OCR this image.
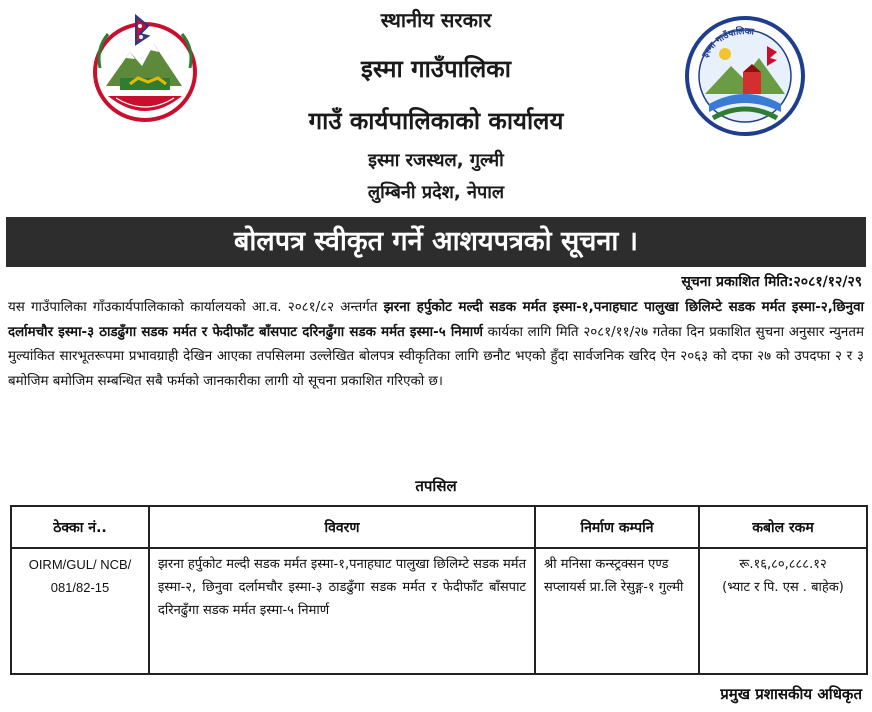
स्थानीय सरकार
इस्मा गाउँपालिका
गाउँ कार्यपालिकाको कार्यालय
इस्मा रजस्थल, गुल्मी
लुम्बिनी प्रदेश, नेपाल
इस्मा गाउँपालिका
बोलपत्र स्वीकृत गर्ने आशयपत्रको सूचना ।
सूचना प्रकाशित मिति:२०८१/१२/२९
यस गाउँपालिका गाँउकार्यपालिकाको कार्यालयको आ.व. २०८१/८२ अन्तर्गत झरना हर्पुकोट मल्दी सडक मर्मत इस्मा-१,पनाहघाट पालुखा छिलिम्टे सडक मर्मत इस्मा-२,छिनुवा दर्लामचौर इस्मा-३ ठाडढुँगा सडक मर्मत र फेदीफाँट बाँसपाट दरिनढुँगा सडक मर्मत इस्मा-५ निमार्ण कार्यका लागि मिति २०८१/११/२७ गतेका दिन प्रकाशित सुचना अनुसार न्युनतम मुल्यांकित सारभूतरूपमा प्रभावग्राही देखिन आएका तपसिलमा उल्लेखित बोलपत्र स्वीकृतिका लागि छनौट भएको हुँदा सार्वजनिक खरिद ऐन २०६३ को दफा २७ को उपदफा २ र ३ बमोजिम बमोजिम सम्बन्धित सबै फर्मको जानकारीका लागी यो सूचना प्रकाशित गरिएको छ।
तपसिल
ठेक्का नं..	विवरण	निर्माण कम्पनि	कबोल रकम
OIRM/GUL/ NCB/ 081/82-15	झरना हर्पुकोट मल्दी सडक मर्मत इस्मा-१,पनाहघाट पालुखा छिलिम्टे सडक मर्मत इस्मा-२, छिनुवा दर्लामचौर इस्मा-३ ठाडढुँगा सडक मर्मत र फेदीफाँट बाँसपाट दरिनढुँगा सडक मर्मत इस्मा-५ निमार्ण	श्री मनिसा कन्स्ट्रक्सन एण्ड सप्लायर्स प्रा.लि रेसुङ्ग-१ गुल्मी	रू.१६,८०,८८८.१२
(भ्याट र पि. एस . बाहेक)
प्रमुख प्रशासकीय अधिकृत
